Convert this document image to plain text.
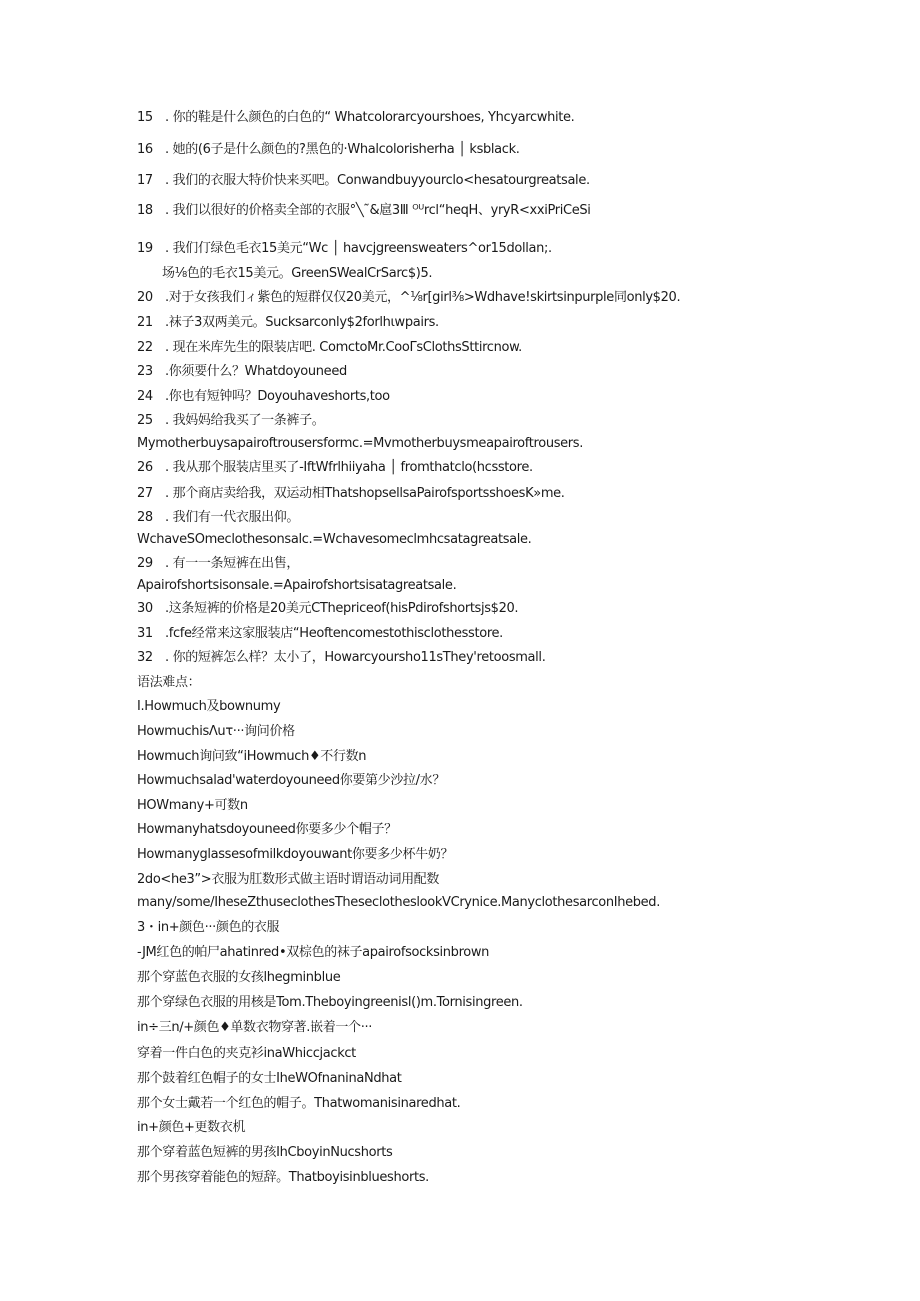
15 . 你的鞋是什么颜色的白色的“ Whatcolorarcyourshoes, Yhcyarcwhite.
16 . 她的(6子是什么颜色的?黑色的·Whalcolorisherha │ ksblack.
17 . 我们的衣服大特价快来买吧。Conwandbuyyourclo<hesatourgreatsale.
18 . 我们以很好的价格卖全部的衣服°╲˜&扈3Ⅲ ᴼᵁrcl“heqH、yryR<xxiPriCeSi
19 . 我们仃绿色毛衣15美元“Wc │ havcjgreensweaters^or15dollan;.
场⅛色的毛衣15美元。GreenSWealCrSarc$)5.
20 .对于女孩我们ィ紫色的短群仅仅20美元，^⅛r[girl⅜>Wdhave!skirtsinpurple同only$20.
21 .袜子3双两美元。Sucksarconly$2forlhιwpairs.
22 . 现在米库先生的限装店吧. ComctoMr.CooΓsClothsSttircnow.
23 .你须要什么？Whatdoyouneed
24 .你也有短钟吗？Doyouhaveshorts,too
25 . 我妈妈给我买了一条裤子。
Mymotherbuysapairoftrousersformc.=Mvmotherbuysmeapairoftrousers.
26 . 我从那个服装店里买了-IftWfrlhiiyaha │ fromthatclo(hcsstore.
27 . 那个商店卖给我，双运动相ThatshopsellsaPairofsportsshoesK»me.
28 . 我们有一代衣服出仰。
WchaveSOmeclothesonsalc.=Wchavesomeclmhcsatagreatsale.
29 . 有一一条短裤在出售，
Apairofshortsisonsale.=Apairofshortsisatagreatsale.
30 .这条短裤的价格是20美元CThepriceof(hisPdirofshortsjs$20.
31 .fcfe经常来这家服装店“Heoftencomestothisclothesstore.
32 . 你的短裤怎么样？太小了，Howarcyoursho11sThey'retoosmall.
语法难点：
I.Howmuch及bownumy
HowmuchisΛuτ···询问价格
Howmuch询问致“iHowmuch♦不行数n
Howmuchsalad'waterdoyouneed你要第少沙拉/水？
HOWmany+可数n
Howmanyhatsdoyouneed你要多少个帽子？
Howmanyglassesofmilkdoyouwant你要多少杯牛奶？
2do<he3”>衣服为肛数形式做主语时谓语动词用配数
many/some/IheseZthuseclothesTheseclotheslookVCrynice.ManyclothesarconIhebed.
3・in+颜色···颜色的衣服
-JM红色的帕尸ahatinred•双棕色的袜子apairofsocksinbrown
那个穿蓝色衣服的女孩lhegminblue
那个穿绿色衣服的用核是Tom.Theboyingreenisl()m.Tornisingreen.
in÷三n∕+颜色♦单数衣物穿著.嵌着一个···
穿着一件白色的夹克衫inaWhiccjackct
那个鼓着红色帽子的女士IheWOfnaninaNdhat
那个女士戴若一个红色的帽子。Thatwomanisinaredhat.
in+颜色+更数衣机
那个穿着蓝色短裤的男孩IhCboyinNucshorts
那个男孩穿着能色的短辞。Thatboyisinblueshorts.
